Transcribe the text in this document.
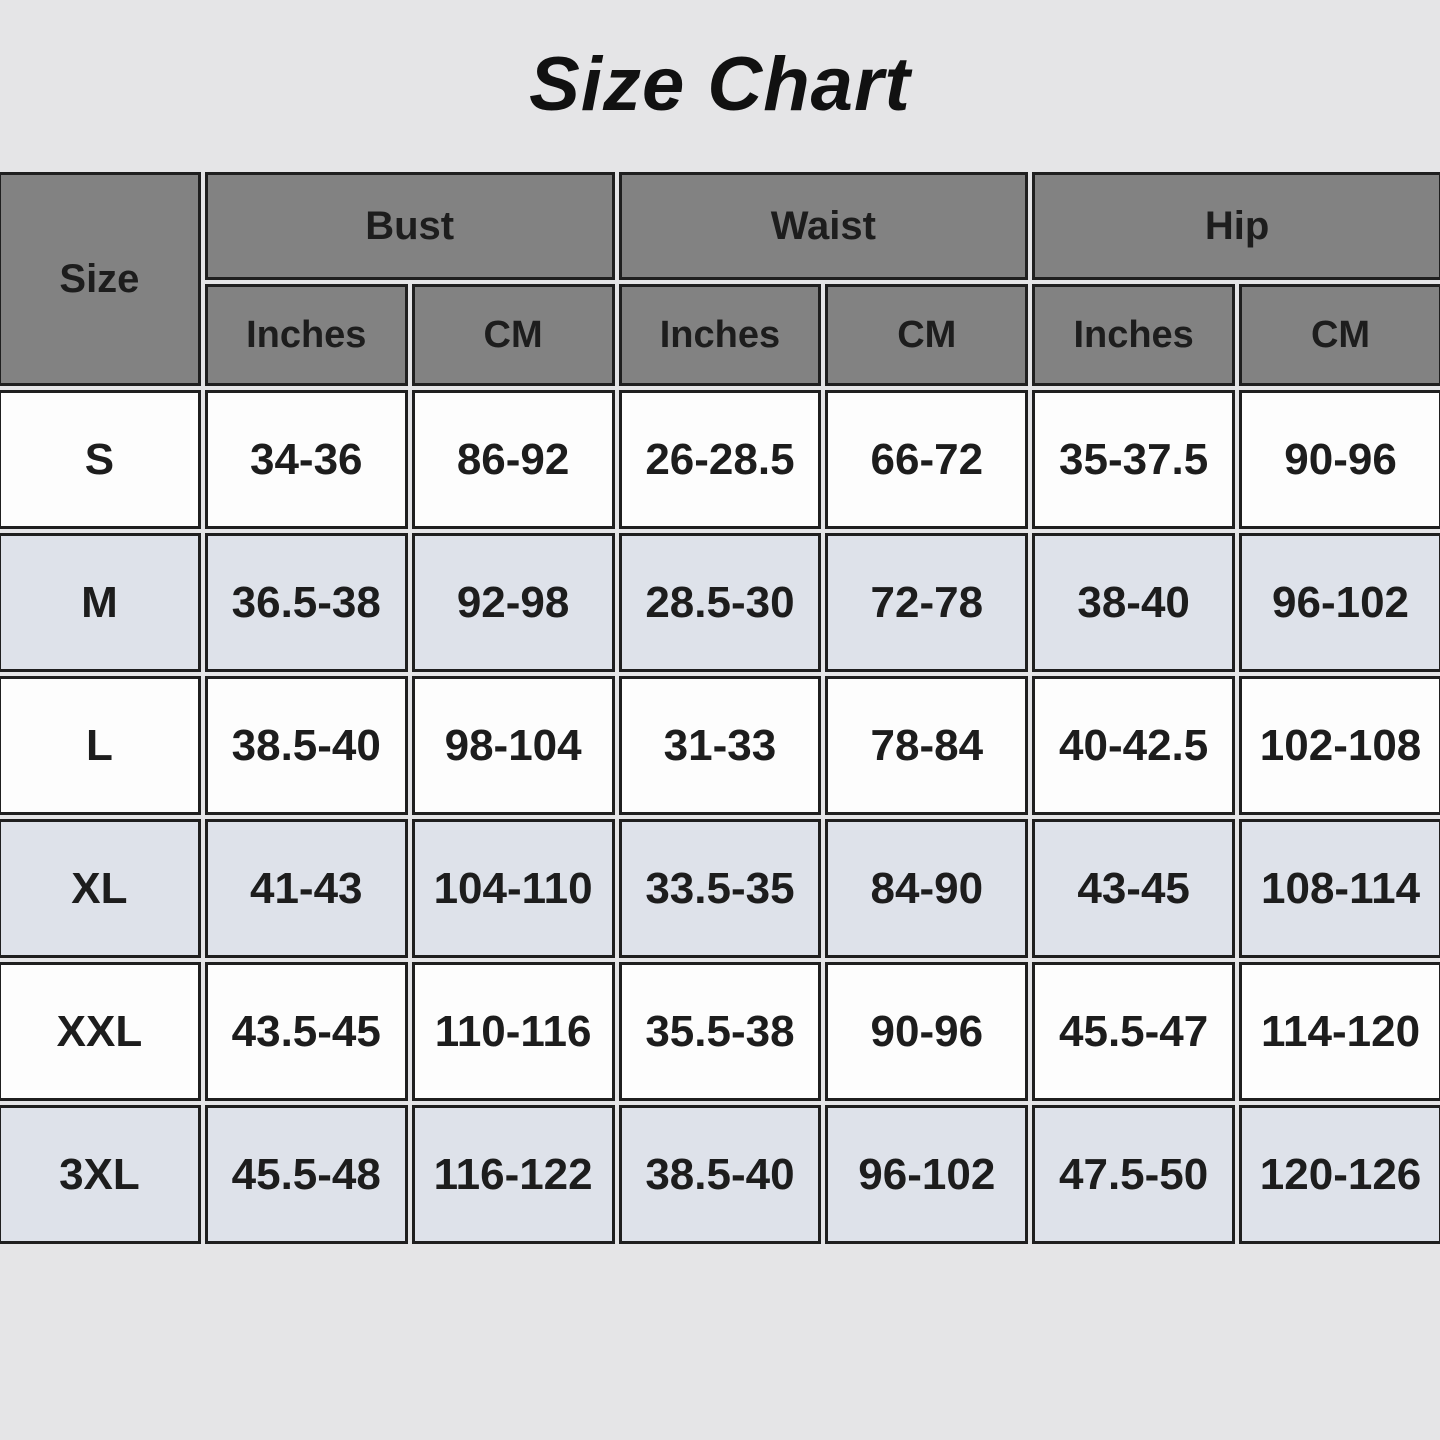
Size Chart
Size	Bust		Waist		Hip	
	Inches	CM	Inches	CM	Inches	CM
S	34-36	86-92	26-28.5	66-72	35-37.5	90-96
M	36.5-38	92-98	28.5-30	72-78	38-40	96-102
L	38.5-40	98-104	31-33	78-84	40-42.5	102-108
XL	41-43	104-110	33.5-35	84-90	43-45	108-114
XXL	43.5-45	110-116	35.5-38	90-96	45.5-47	114-120
3XL	45.5-48	116-122	38.5-40	96-102	47.5-50	120-126
